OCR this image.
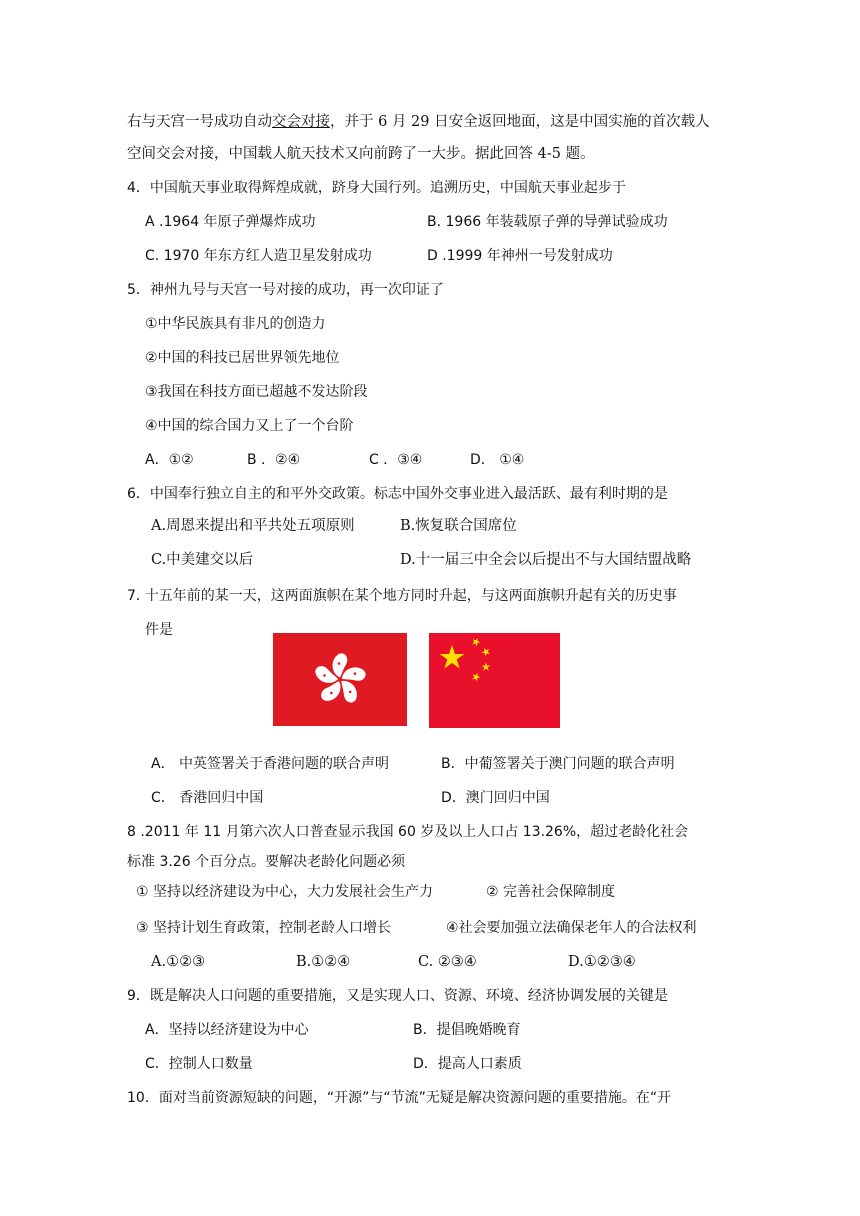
右与天宫一号成功自动交会对接，并于 6 月 29 日安全返回地面，这是中国实施的首次载人
空间交会对接，中国载人航天技术又向前跨了一大步。据此回答 4-5 题。
4．中国航天事业取得辉煌成就，跻身大国行列。追溯历史，中国航天事业起步于
A .1964 年原子弹爆炸成功	B. 1966 年装载原子弹的导弹试验成功
C. 1970 年东方红人造卫星发射成功	D .1999 年神州一号发射成功
5．神州九号与天宫一号对接的成功，再一次印证了
①中华民族具有非凡的创造力
②中国的科技已居世界领先地位
③我国在科技方面已超越不发达阶段
④中国的综合国力又上了一个台阶
A．①②	B ．②④	C ．③④	D． ①④
6．中国奉行独立自主的和平外交政策。标志中国外交事业进入最活跃、最有利时期的是
A.周恩来提出和平共处五项原则	B.恢复联合国席位
C.中美建交以后	D.十一届三中全会以后提出不与大国结盟战略
7. 十五年前的某一天，这两面旗帜在某个地方同时升起，与这两面旗帜升起有关的历史事
件是
A． 中英签署关于香港问题的联合声明	B．中葡签署关于澳门问题的联合声明
C． 香港回归中国	D．澳门回归中国
8 .2011 年 11 月第六次人口普查显示我国 60 岁及以上人口占 13.26%，超过老龄化社会
标准 3.26 个百分点。要解决老龄化问题必须
① 坚持以经济建设为中心，大力发展社会生产力	② 完善社会保障制度
③ 坚持计划生育政策，控制老龄人口增长	④社会要加强立法确保老年人的合法权利
A.①②③	B.①②④	C. ②③④	D.①②③④
9．既是解决人口问题的重要措施，又是实现人口、资源、环境、经济协调发展的关键是
A．坚持以经济建设为中心	B．提倡晚婚晚育
C．控制人口数量	D．提高人口素质
10．面对当前资源短缺的问题，“开源”与“节流”无疑是解决资源问题的重要措施。在“开
